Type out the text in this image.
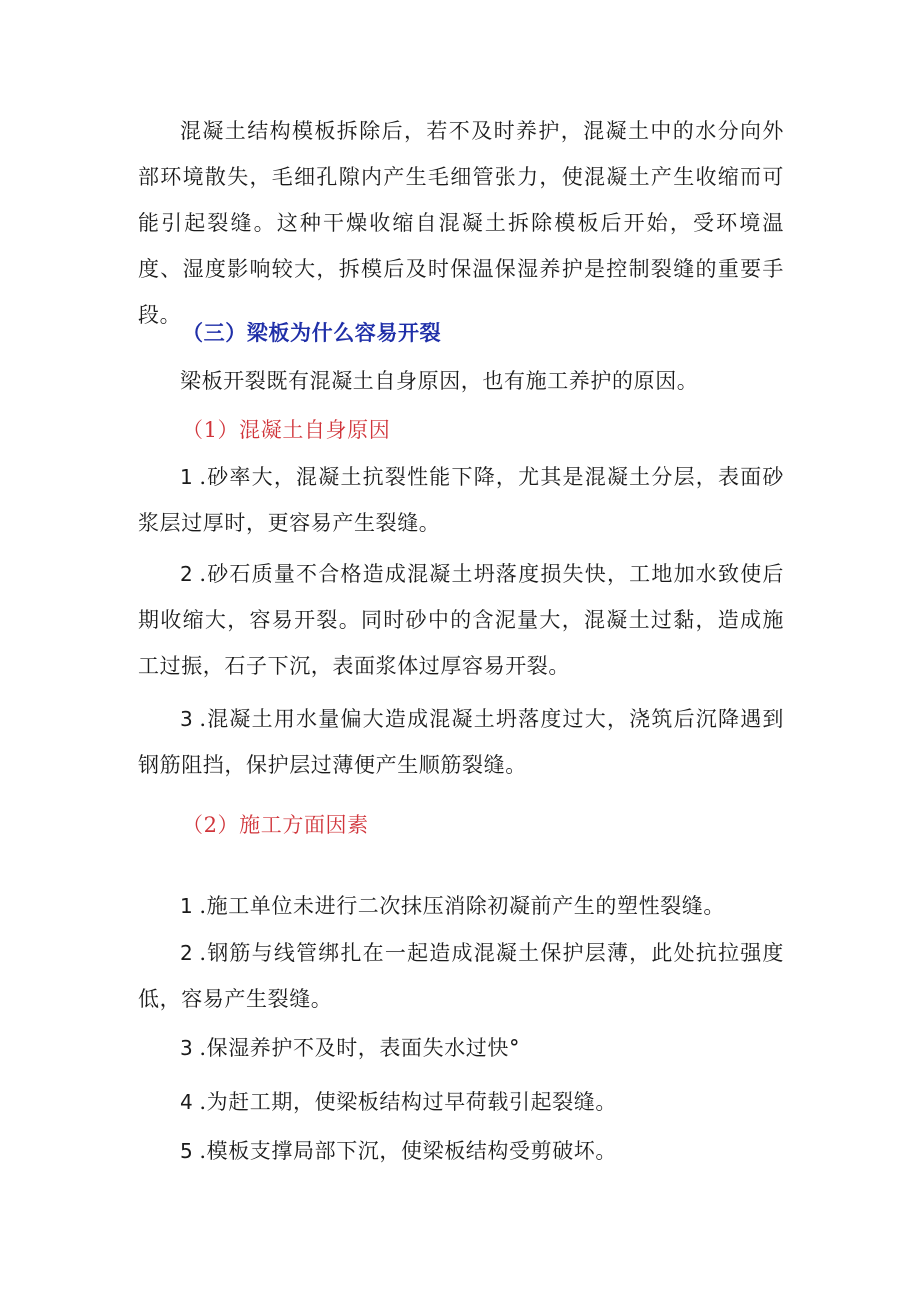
混凝土结构模板拆除后，若不及时养护，混凝土中的水分向外部环境散失，毛细孔隙内产生毛细管张力，使混凝土产生收缩而可能引起裂缝。这种干燥收缩自混凝土拆除模板后开始，受环境温度、湿度影响较大，拆模后及时保温保湿养护是控制裂缝的重要手段。

（三）梁板为什么容易开裂

梁板开裂既有混凝土自身原因，也有施工养护的原因。

（1）混凝土自身原因

1 .砂率大，混凝土抗裂性能下降，尤其是混凝土分层，表面砂浆层过厚时，更容易产生裂缝。

2 .砂石质量不合格造成混凝土坍落度损失快，工地加水致使后期收缩大，容易开裂。同时砂中的含泥量大，混凝土过黏，造成施工过振，石子下沉，表面浆体过厚容易开裂。

3 .混凝土用水量偏大造成混凝土坍落度过大，浇筑后沉降遇到钢筋阻挡，保护层过薄便产生顺筋裂缝。

（2）施工方面因素

1 .施工单位未进行二次抹压消除初凝前产生的塑性裂缝。

2 .钢筋与线管绑扎在一起造成混凝土保护层薄，此处抗拉强度低，容易产生裂缝。

3 .保湿养护不及时，表面失水过快°

4 .为赶工期，使梁板结构过早荷载引起裂缝。

5 .模板支撑局部下沉，使梁板结构受剪破坏。
